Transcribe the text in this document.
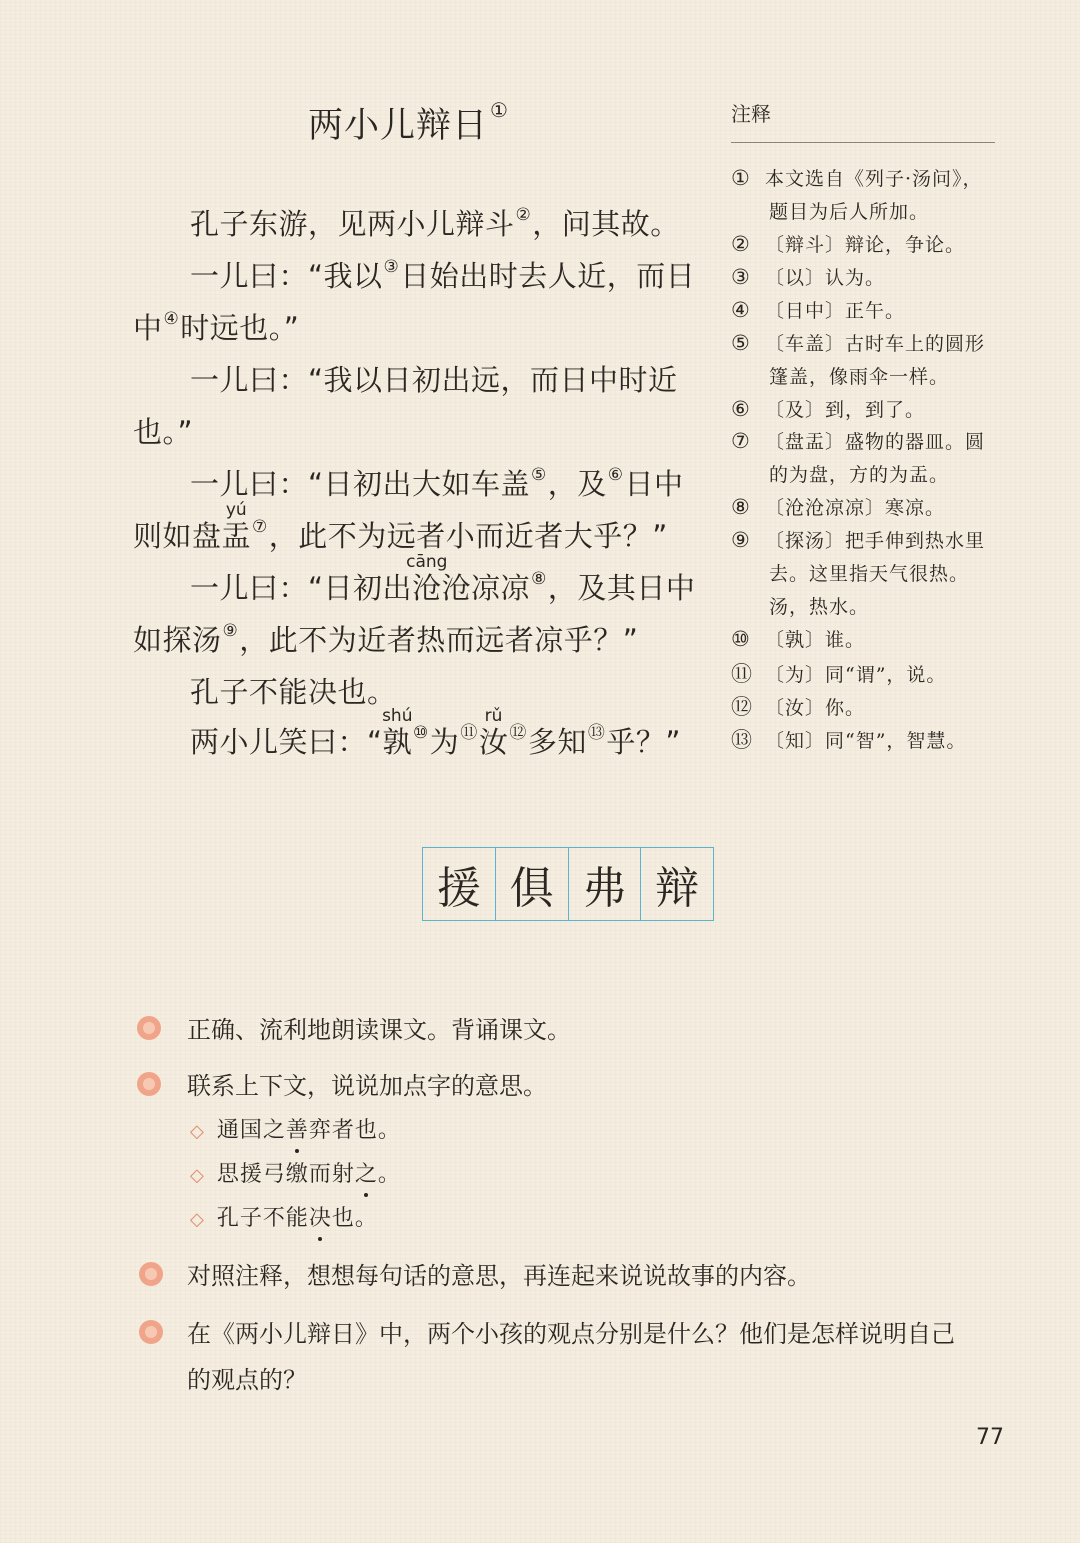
两小儿辩日 ①
孔子东游，见两小儿辩斗②，问其故。
一儿曰：“我以③日始出时去人近，而日
中④时远也。”
一儿曰：“我以日初出远，而日中时近
也。”
一儿曰：“日初出大如车盖⑤，及⑥日中
则如盘
yú
盂⑦，此不为远者小而近者大乎？”
一儿曰：“日初出
cāng
沧沧凉凉⑧，及其日中
如探汤⑨，此不为近者热而远者凉乎？”
孔子不能决也。
两小儿笑曰：“
shú
孰⑩为⑪
rǔ
汝⑫多知⑬乎？”
注释
① 本文选自《列子·汤问》，
题目为后人所加。
② 〔辩斗〕辩论，争论。
③ 〔以〕认为。
④ 〔日中〕正午。
⑤ 〔车盖〕古时车上的圆形
篷盖，像雨伞一样。
⑥ 〔及〕到，到了。
⑦ 〔盘盂〕盛物的器皿。圆
的为盘，方的为盂。
⑧ 〔沧沧凉凉〕寒凉。
⑨ 〔探汤〕把手伸到热水里
去。这里指天气很热。
汤，热水。
⑩ 〔孰〕谁。
⑪ 〔为〕同“谓”，说。
⑫ 〔汝〕你。
⑬ 〔知〕同“智”，智慧。
援 俱 弗 辩
正确、流利地朗读课文。背诵课文。
联系上下文，说说加点字的意思。
◇ 通国之善弈者也。
◇ 思援弓缴而射之。
◇ 孔子不能决也。
对照注释，想想每句话的意思，再连起来说说故事的内容。
在《两小儿辩日》中，两个小孩的观点分别是什么？他们是怎样说明自己
的观点的？
77
